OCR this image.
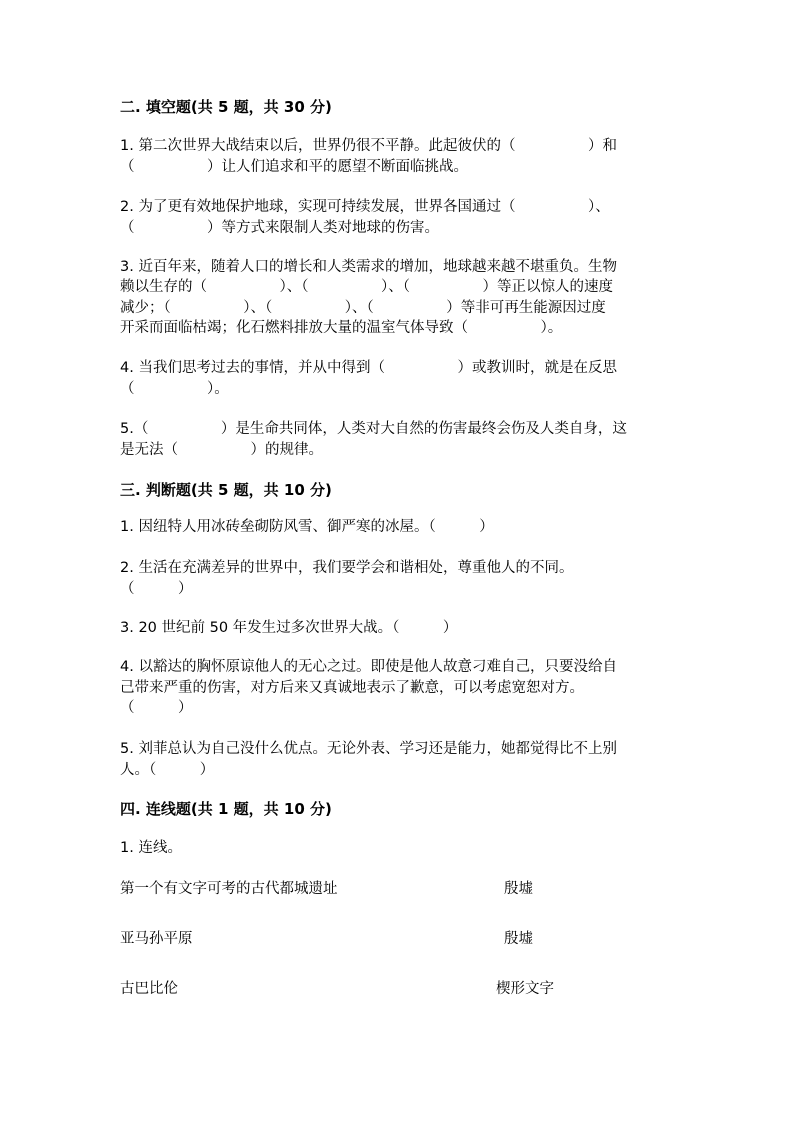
二. 填空题(共 5 题，共 30 分)
1. 第二次世界大战结束以后，世界仍很不平静。此起彼伏的（　　　　　）和
（　　　　　）让人们追求和平的愿望不断面临挑战。
2. 为了更有效地保护地球，实现可持续发展，世界各国通过（　　　　　）、
（　　　　　）等方式来限制人类对地球的伤害。
3. 近百年来，随着人口的增长和人类需求的增加，地球越来越不堪重负。生物
赖以生存的（　　　　　）、（　　　　　）、（　　　　　）等正以惊人的速度
减少；（　　　　　）、（　　　　　）、（　　　　　）等非可再生能源因过度
开采而面临枯竭；化石燃料排放大量的温室气体导致（　　　　　）。
4. 当我们思考过去的事情，并从中得到（　　　　　）或教训时，就是在反思
（　　　　　）。
5.（　　　　　）是生命共同体，人类对大自然的伤害最终会伤及人类自身，这
是无法（　　　　　）的规律。
三. 判断题(共 5 题，共 10 分)
1. 因纽特人用冰砖垒砌防风雪、御严寒的冰屋。（　　　）
2. 生活在充满差异的世界中，我们要学会和谐相处，尊重他人的不同。
（　　　）
3. 20 世纪前 50 年发生过多次世界大战。（　　　）
4. 以豁达的胸怀原谅他人的无心之过。即使是他人故意刁难自己，只要没给自
己带来严重的伤害，对方后来又真诚地表示了歉意，可以考虑宽恕对方。
（　　　）
5. 刘菲总认为自己没什么优点。无论外表、学习还是能力，她都觉得比不上别
人。（　　　）
四. 连线题(共 1 题，共 10 分)
1. 连线。
第一个有文字可考的古代都城遗址	殷墟
亚马孙平原	殷墟
古巴比伦	楔形文字
